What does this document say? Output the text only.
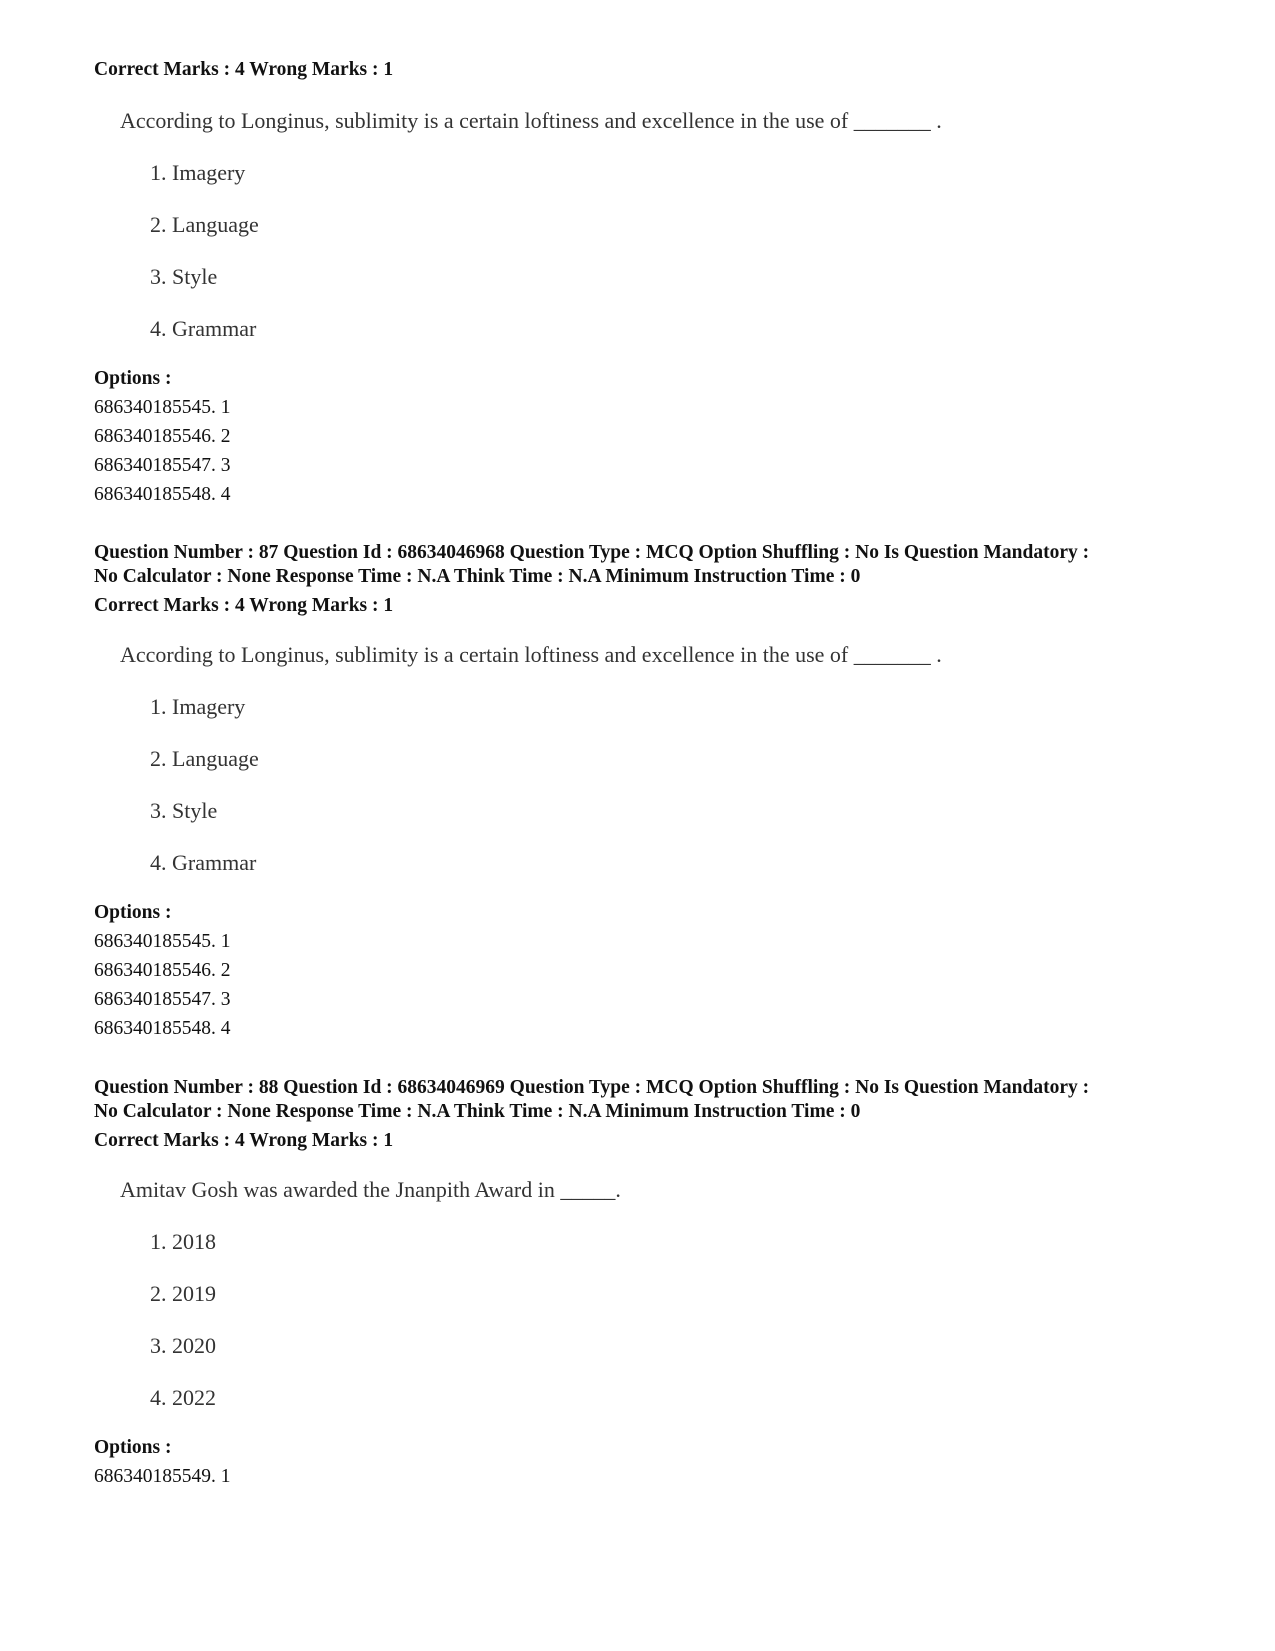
Correct Marks : 4 Wrong Marks : 1

According to Longinus, sublimity is a certain loftiness and excellence in the use of _______ .

1. Imagery

2. Language

3. Style

4. Grammar

Options :

686340185545. 1

686340185546. 2

686340185547. 3

686340185548. 4

Question Number : 87 Question Id : 68634046968 Question Type : MCQ Option Shuffling : No Is Question Mandatory :

No Calculator : None Response Time : N.A Think Time : N.A Minimum Instruction Time : 0

Correct Marks : 4 Wrong Marks : 1

According to Longinus, sublimity is a certain loftiness and excellence in the use of _______ .

1. Imagery

2. Language

3. Style

4. Grammar

Options :

686340185545. 1

686340185546. 2

686340185547. 3

686340185548. 4

Question Number : 88 Question Id : 68634046969 Question Type : MCQ Option Shuffling : No Is Question Mandatory :

No Calculator : None Response Time : N.A Think Time : N.A Minimum Instruction Time : 0

Correct Marks : 4 Wrong Marks : 1

Amitav Gosh was awarded the Jnanpith Award in _____.

1. 2018

2. 2019

3. 2020

4. 2022

Options :

686340185549. 1
